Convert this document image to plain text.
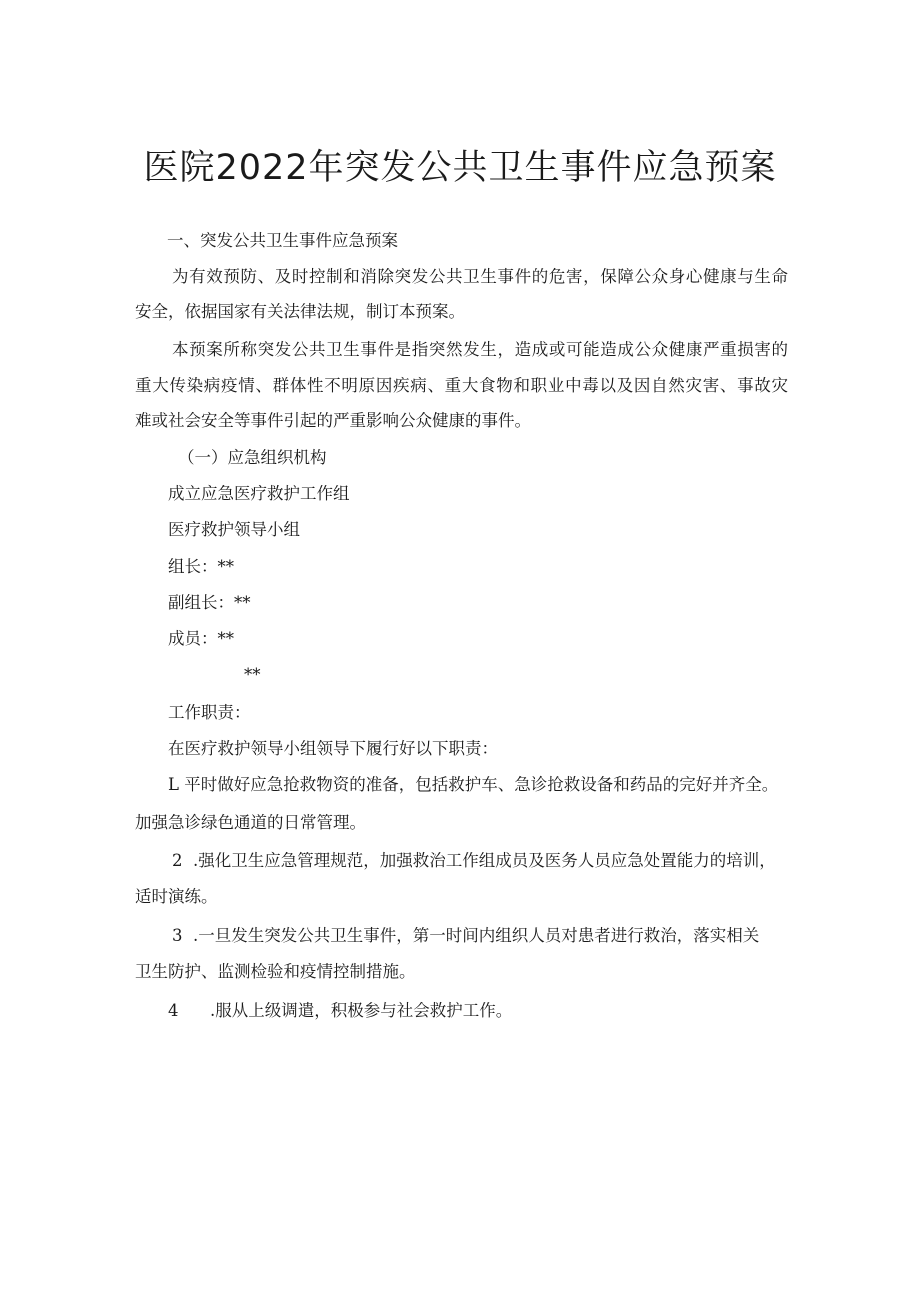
医院2022年突发公共卫生事件应急预案

一、突发公共卫生事件应急预案

为有效预防、及时控制和消除突发公共卫生事件的危害，保障公众身心健康与生命

安全，依据国家有关法律法规，制订本预案。

本预案所称突发公共卫生事件是指突然发生，造成或可能造成公众健康严重损害的

重大传染病疫情、群体性不明原因疾病、重大食物和职业中毒以及因自然灾害、事故灾

难或社会安全等事件引起的严重影响公众健康的事件。

（一）应急组织机构

成立应急医疗救护工作组

医疗救护领导小组

组长：**

副组长：**

成员：**

**

工作职责：

在医疗救护领导小组领导下履行好以下职责：

L 平时做好应急抢救物资的准备，包括救护车、急诊抢救设备和药品的完好并齐全。

加强急诊绿色通道的日常管理。

2 .强化卫生应急管理规范，加强救治工作组成员及医务人员应急处置能力的培训，

适时演练。

3 .一旦发生突发公共卫生事件，第一时间内组织人员对患者进行救治，落实相关

卫生防护、监测检验和疫情控制措施。

4 .服从上级调遣，积极参与社会救护工作。
